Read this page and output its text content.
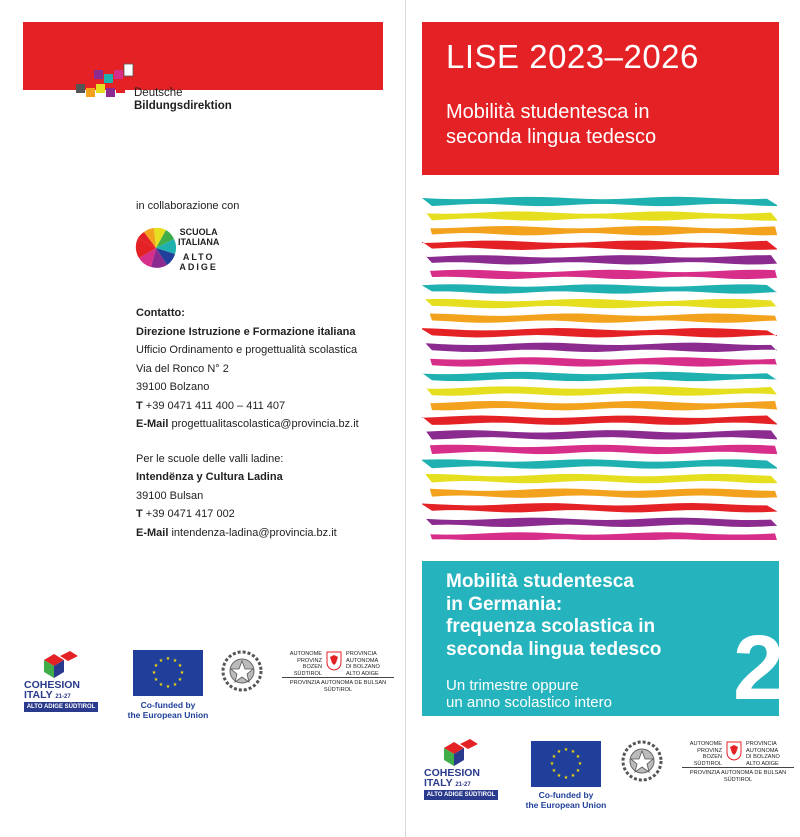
Deutsche
Bildungsdirektion
in collaborazione con
SCUOLA
ITALIANA
ALTO
ADIGE
Contatto:
Direzione Istruzione e Formazione italiana
Ufficio Ordinamento e progettualità scolastica
Via del Ronco N° 2
39100 Bolzano
T +39 0471 411 400 – 411 407
E-Mail progettualitascolastica@provincia.bz.it
Per le scuole delle valli ladine:
Intendënza y Cultura Ladina
39100 Bulsan
T +39 0471 417 002
E-Mail intendenza-ladina@provincia.bz.it
COHESION
ITALY 21-27
ALTO ADIGE SÜDTIROL
★ ★
★
★
★
★
★
★
★
★
★
★
Co-funded by
the European Union
AUTONOME
PROVINZ
BOZEN
SÜDTIROL
PROVINCIA
AUTONOMA
DI BOLZANO
ALTO ADIGE
PROVINZIA AUTONOMA DE BULSAN
SÜDTIROL
LISE 2023–2026
Mobilità studentesca in
seconda lingua tedesco
Mobilità studentesca
in Germania:
frequenza scolastica in
seconda lingua tedesco
Un trimestre oppure
un anno scolastico intero 2
COHESION
ITALY 21-27
ALTO ADIGE SÜDTIROL
★ ★
★
★
★
★
★
★
★
★
★
★
Co-funded by
the European Union
AUTONOME
PROVINZ
BOZEN
SÜDTIROL
PROVINCIA
AUTONOMA
DI BOLZANO
ALTO ADIGE
PROVINZIA AUTONOMA DE BULSAN
SÜDTIROL
